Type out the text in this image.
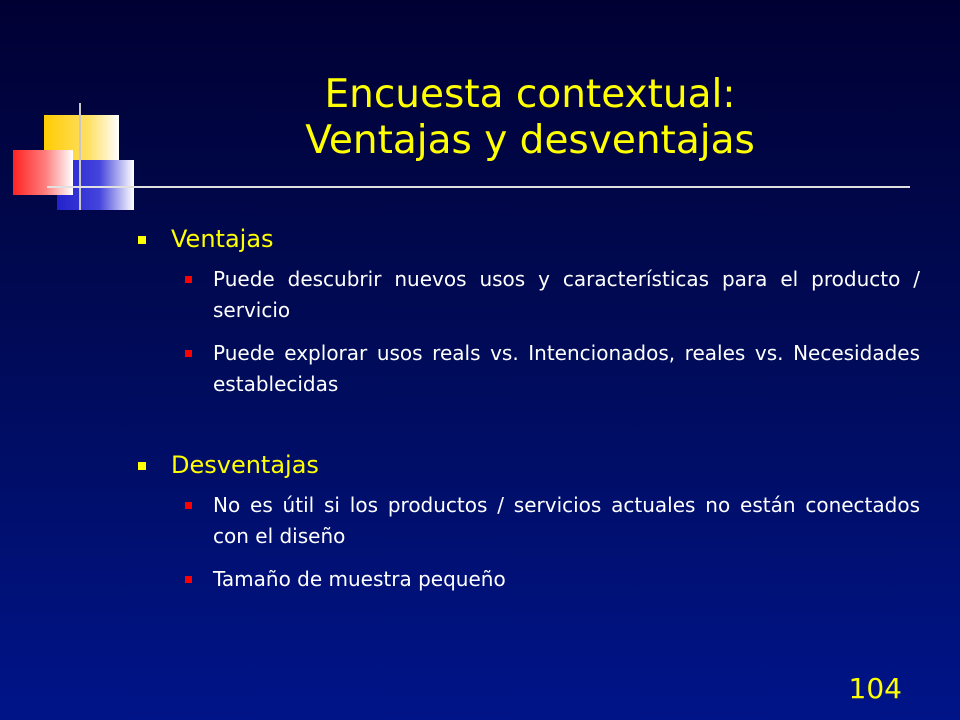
Encuesta contextual:
Ventajas y desventajas
Ventajas
Puede descubrir nuevos usos y características para el producto / servicio
Puede explorar usos reals vs. Intencionados, reales vs. Necesidades establecidas
Desventajas
No es útil si los productos / servicios actuales no están conectados con el diseño
Tamaño de muestra pequeño
104
